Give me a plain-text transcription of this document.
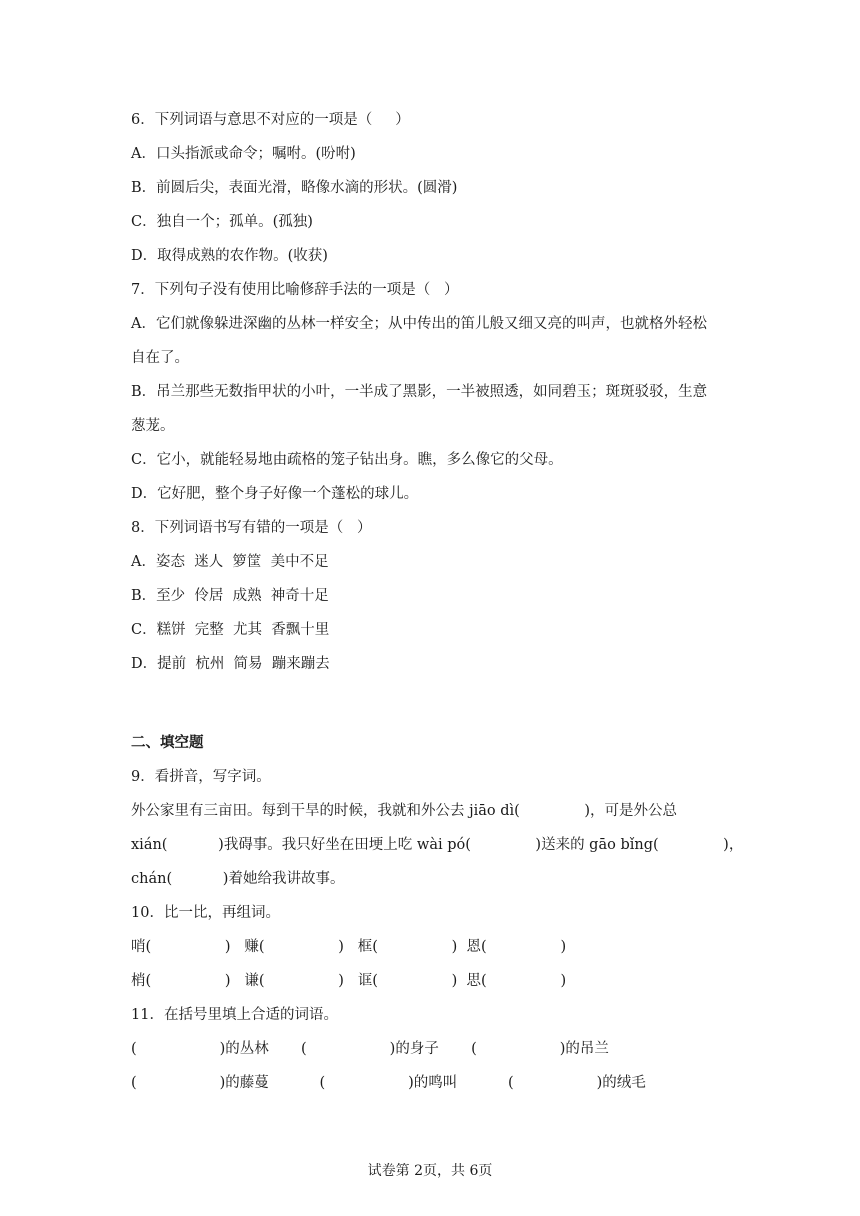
6．下列词语与意思不对应的一项是（     ）
A．口头指派或命令；嘱咐。(吩咐)
B．前圆后尖，表面光滑，略像水滴的形状。(圆滑)
C．独自一个；孤单。(孤独)
D．取得成熟的农作物。(收获)
7．下列句子没有使用比喻修辞手法的一项是（   ）
A．它们就像躲进深幽的丛林一样安全；从中传出的笛儿般又细又亮的叫声，也就格外轻松
自在了。
B．吊兰那些无数指甲状的小叶，一半成了黑影，一半被照透，如同碧玉；斑斑驳驳，生意
葱茏。
C．它小，就能轻易地由疏格的笼子钻出身。瞧，多么像它的父母。
D．它好肥，整个身子好像一个蓬松的球儿。
8．下列词语书写有错的一项是（   ）
A．姿态  迷人  箩筐  美中不足
B．至少  伶居  成熟  神奇十足
C．糕饼  完整  尤其  香飘十里
D．提前  杭州  简易  蹦来蹦去
二、填空题
9．看拼音，写字词。
外公家里有三亩田。每到干旱的时候，我就和外公去 jiāo dì(              )，可是外公总
xián(           )我碍事。我只好坐在田埂上吃 wài pó(              )送来的 gāo bǐng(              )，
chán(           )着她给我讲故事。
10．比一比，再组词。
哨(                )   赚(                )   框(                )  恩(                )
梢(                )   谦(                )   诓(                )  思(                )
11．在括号里填上合适的词语。
(                  )的丛林       (                  )的身子       (                  )的吊兰
(                  )的藤蔓           (                  )的鸣叫           (                  )的绒毛
试卷第 2页，共 6页
